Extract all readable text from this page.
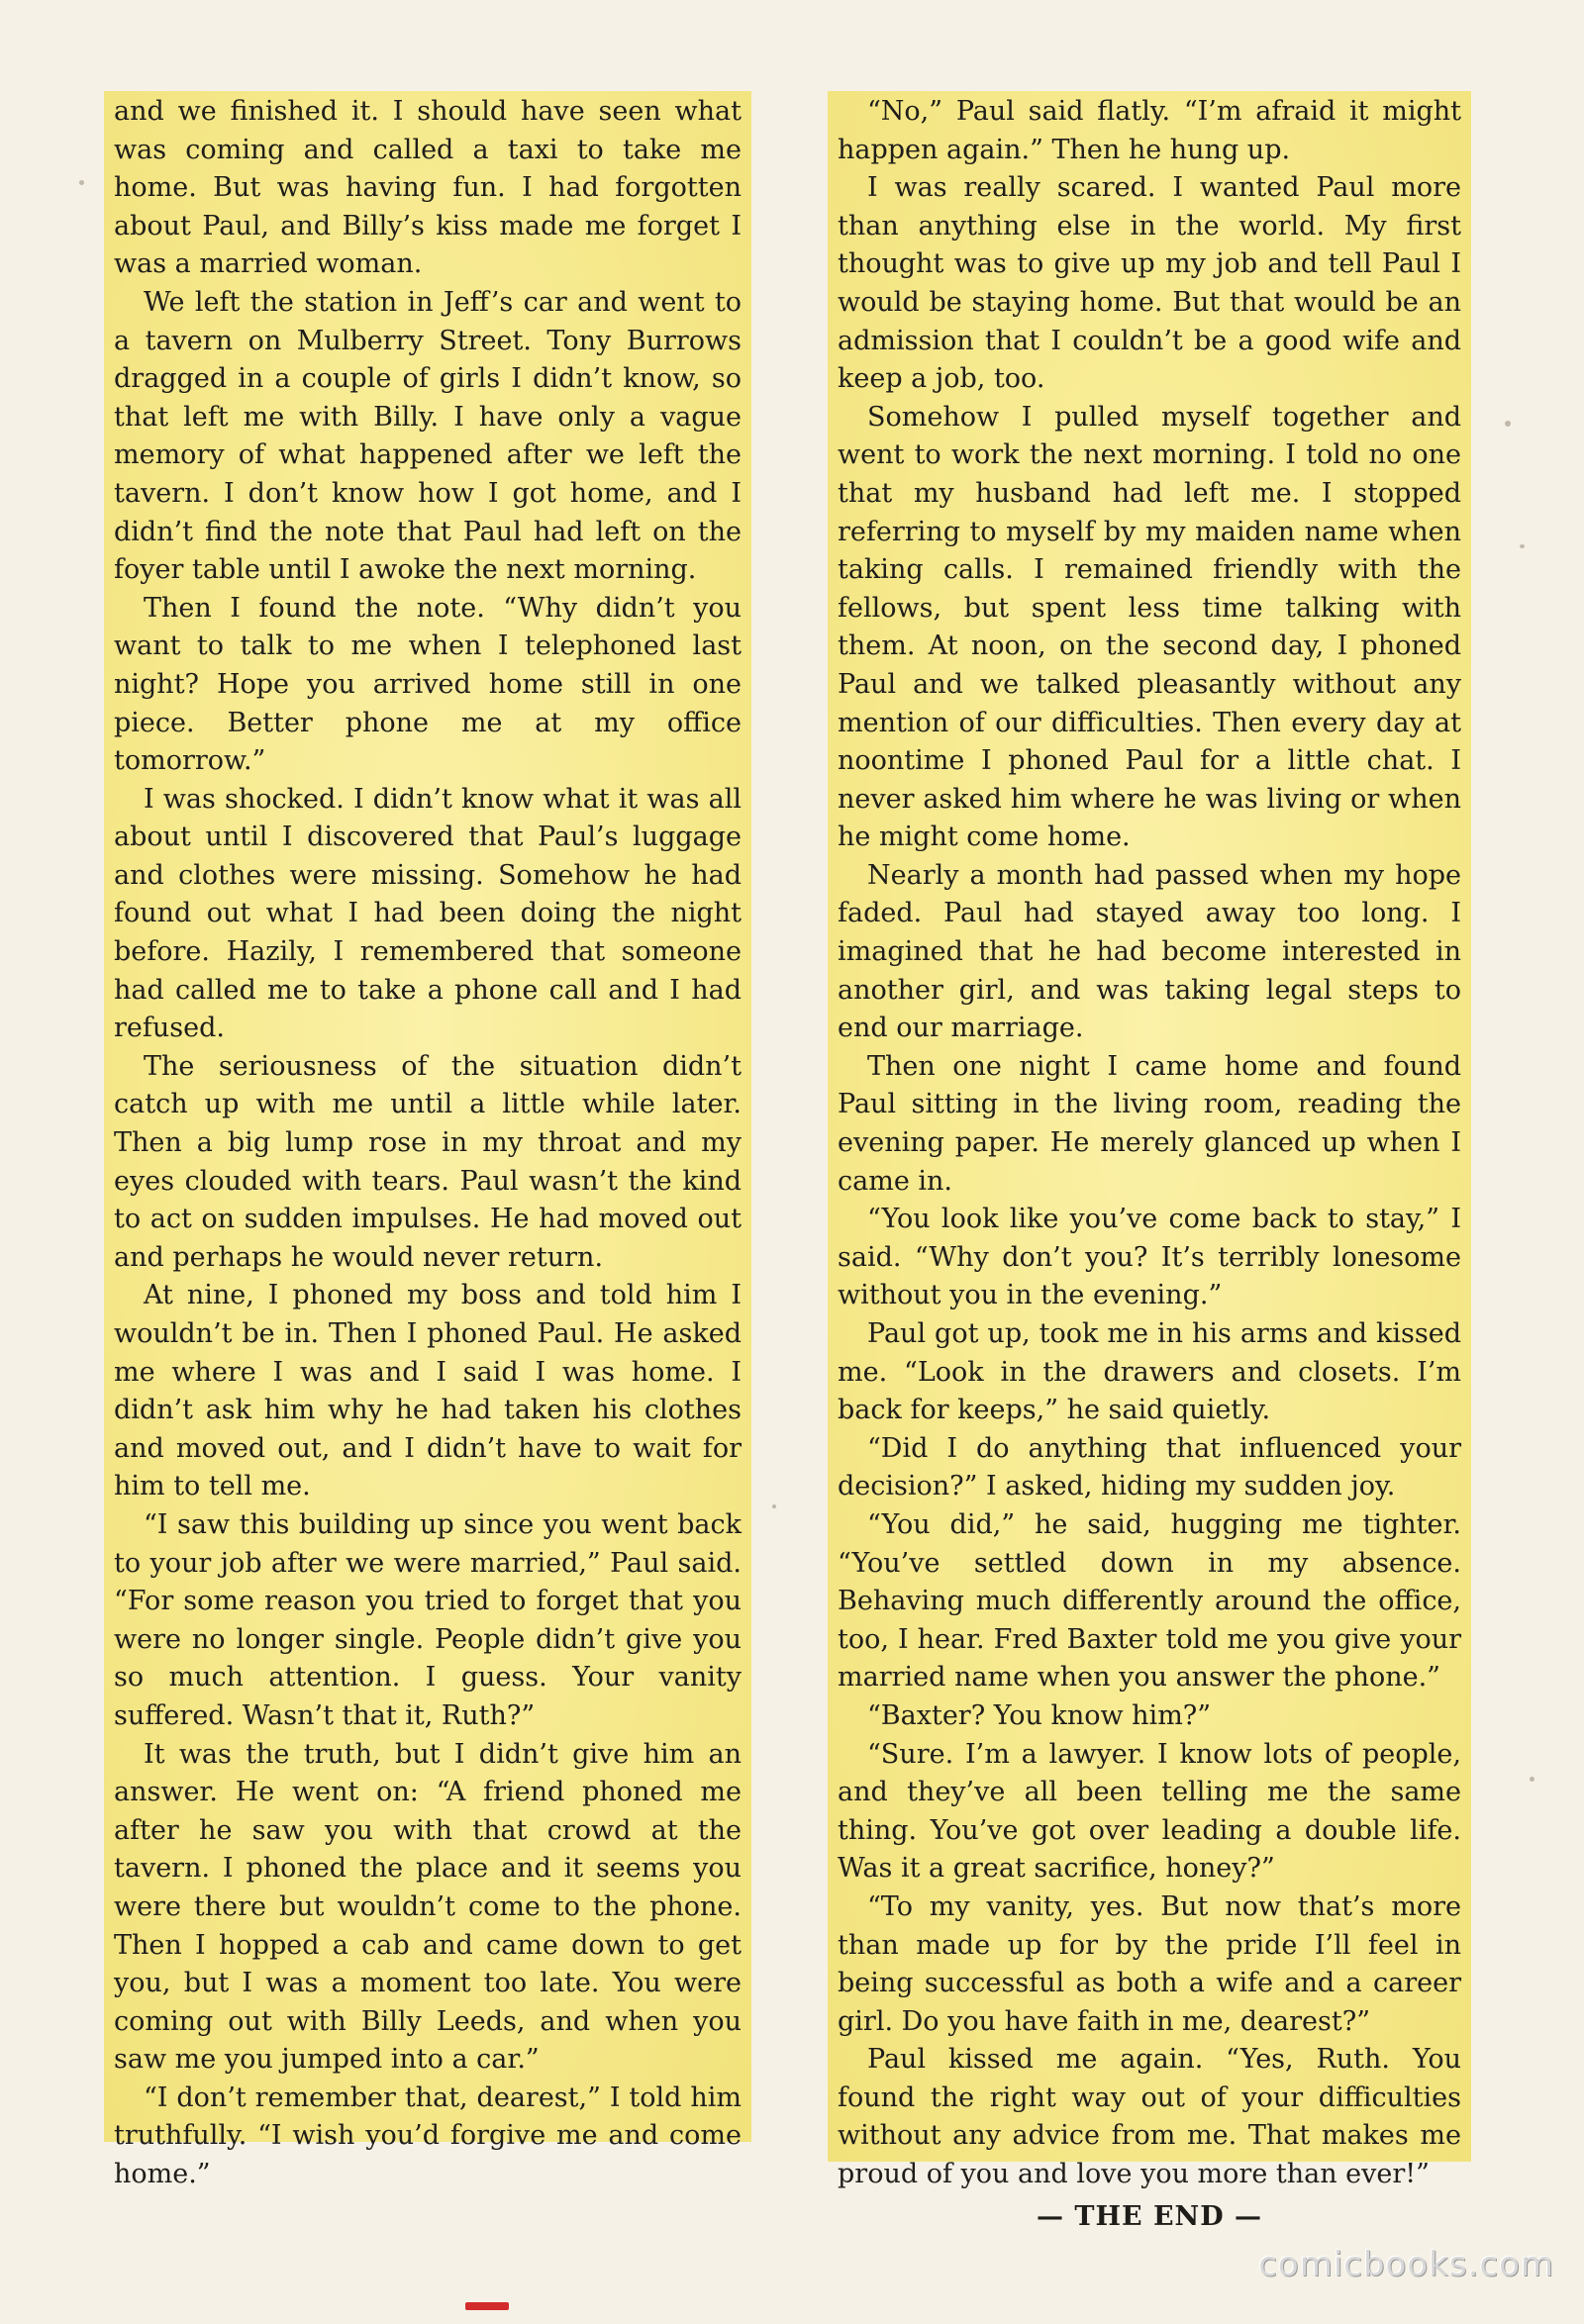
and we finished it. I should have seen what was coming and called a taxi to take me home. But was having fun. I had forgotten about Paul, and Billy’s kiss made me forget I was a married woman.

We left the station in Jeff’s car and went to a tavern on Mulberry Street. Tony Burrows dragged in a couple of girls I didn’t know, so that left me with Billy. I have only a vague memory of what happened after we left the tavern. I don’t know how I got home, and I didn’t find the note that Paul had left on the foyer table until I awoke the next morning.

Then I found the note. “Why didn’t you want to talk to me when I telephoned last night? Hope you arrived home still in one piece. Better phone me at my office tomorrow.”

I was shocked. I didn’t know what it was all about until I discovered that Paul’s luggage and clothes were missing. Somehow he had found out what I had been doing the night before. Hazily, I remembered that someone had called me to take a phone call and I had refused.

The seriousness of the situation didn’t catch up with me until a little while later. Then a big lump rose in my throat and my eyes clouded with tears. Paul wasn’t the kind to act on sudden impulses. He had moved out and perhaps he would never return.

At nine, I phoned my boss and told him I wouldn’t be in. Then I phoned Paul. He asked me where I was and I said I was home. I didn’t ask him why he had taken his clothes and moved out, and I didn’t have to wait for him to tell me.

“I saw this building up since you went back to your job after we were married,” Paul said. “For some reason you tried to forget that you were no longer single. People didn’t give you so much attention. I guess. Your vanity suffered. Wasn’t that it, Ruth?”

It was the truth, but I didn’t give him an answer. He went on: “A friend phoned me after he saw you with that crowd at the tavern. I phoned the place and it seems you were there but wouldn’t come to the phone. Then I hopped a cab and came down to get you, but I was a moment too late. You were coming out with Billy Leeds, and when you saw me you jumped into a car.”

“I don’t remember that, dearest,” I told him truthfully. “I wish you’d forgive me and come home.”

“No,” Paul said flatly. “I’m afraid it might happen again.” Then he hung up.

I was really scared. I wanted Paul more than anything else in the world. My first thought was to give up my job and tell Paul I would be staying home. But that would be an admission that I couldn’t be a good wife and keep a job, too.

Somehow I pulled myself together and went to work the next morning. I told no one that my husband had left me. I stopped referring to myself by my maiden name when taking calls. I remained friendly with the fellows, but spent less time talking with them. At noon, on the second day, I phoned Paul and we talked pleasantly without any mention of our difficulties. Then every day at noontime I phoned Paul for a little chat. I never asked him where he was living or when he might come home.

Nearly a month had passed when my hope faded. Paul had stayed away too long. I imagined that he had become interested in another girl, and was taking legal steps to end our marriage.

Then one night I came home and found Paul sitting in the living room, reading the evening paper. He merely glanced up when I came in.

“You look like you’ve come back to stay,” I said. “Why don’t you? It’s terribly lonesome without you in the evening.”

Paul got up, took me in his arms and kissed me. “Look in the drawers and closets. I’m back for keeps,” he said quietly.

“Did I do anything that influenced your decision?” I asked, hiding my sudden joy.

“You did,” he said, hugging me tighter. “You’ve settled down in my absence. Behaving much differently around the office, too, I hear. Fred Baxter told me you give your married name when you answer the phone.”

“Baxter? You know him?”

“Sure. I’m a lawyer. I know lots of people, and they’ve all been telling me the same thing. You’ve got over leading a double life. Was it a great sacrifice, honey?”

“To my vanity, yes. But now that’s more than made up for by the pride I’ll feel in being successful as both a wife and a career girl. Do you have faith in me, dearest?”

Paul kissed me again. “Yes, Ruth. You found the right way out of your difficulties without any advice from me. That makes me proud of you and love you more than ever!”

— THE END —
comicbooks.com
